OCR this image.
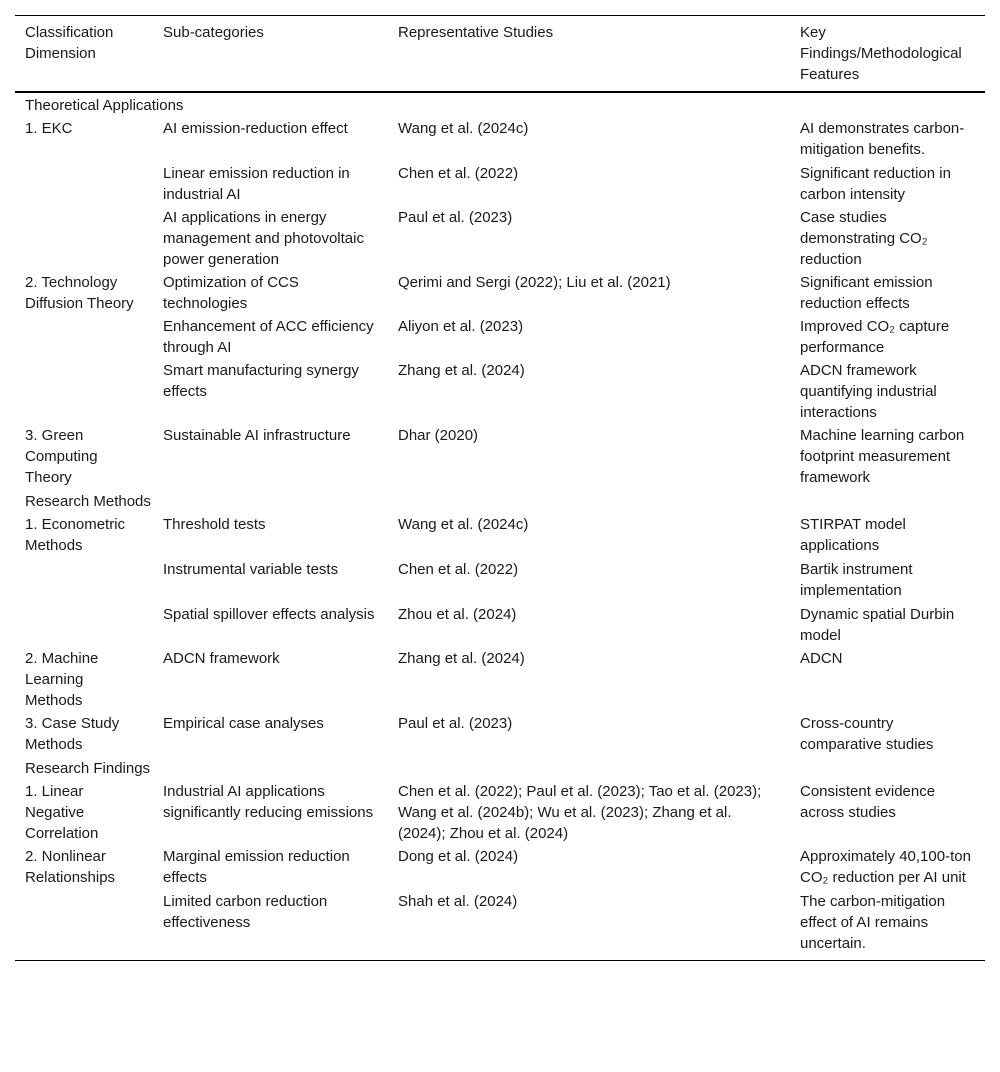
Classification Dimension	Sub-categories	Representative Studies	Key Findings/Methodological Features
Theoretical Applications			
1. EKC	AI emission-reduction effect	Wang et al. (2024c)	AI demonstrates carbon-mitigation benefits.
	Linear emission reduction in industrial AI	Chen et al. (2022)	Significant reduction in carbon intensity
	AI applications in energy management and photovoltaic power generation	Paul et al. (2023)	Case studies demonstrating CO₂ reduction
2. Technology Diffusion Theory	Optimization of CCS technologies	Qerimi and Sergi (2022); Liu et al. (2021)	Significant emission reduction effects
	Enhancement of ACC efficiency through AI	Aliyon et al. (2023)	Improved CO₂ capture performance
	Smart manufacturing synergy effects	Zhang et al. (2024)	ADCN framework quantifying industrial interactions
3. Green Computing Theory	Sustainable AI infrastructure	Dhar (2020)	Machine learning carbon footprint measurement framework
Research Methods			
1. Econometric Methods	Threshold tests	Wang et al. (2024c)	STIRPAT model applications
	Instrumental variable tests	Chen et al. (2022)	Bartik instrument implementation
	Spatial spillover effects analysis	Zhou et al. (2024)	Dynamic spatial Durbin model
2. Machine Learning Methods	ADCN framework	Zhang et al. (2024)	ADCN
3. Case Study Methods	Empirical case analyses	Paul et al. (2023)	Cross-country comparative studies
Research Findings			
1. Linear Negative Correlation	Industrial AI applications significantly reducing emissions	Chen et al. (2022); Paul et al. (2023); Tao et al. (2023); Wang et al. (2024b); Wu et al. (2023); Zhang et al. (2024); Zhou et al. (2024)	Consistent evidence across studies
2. Nonlinear Relationships	Marginal emission reduction effects	Dong et al. (2024)	Approximately 40,100-ton CO₂ reduction per AI unit
	Limited carbon reduction effectiveness	Shah et al. (2024)	The carbon-mitigation effect of AI remains uncertain.
